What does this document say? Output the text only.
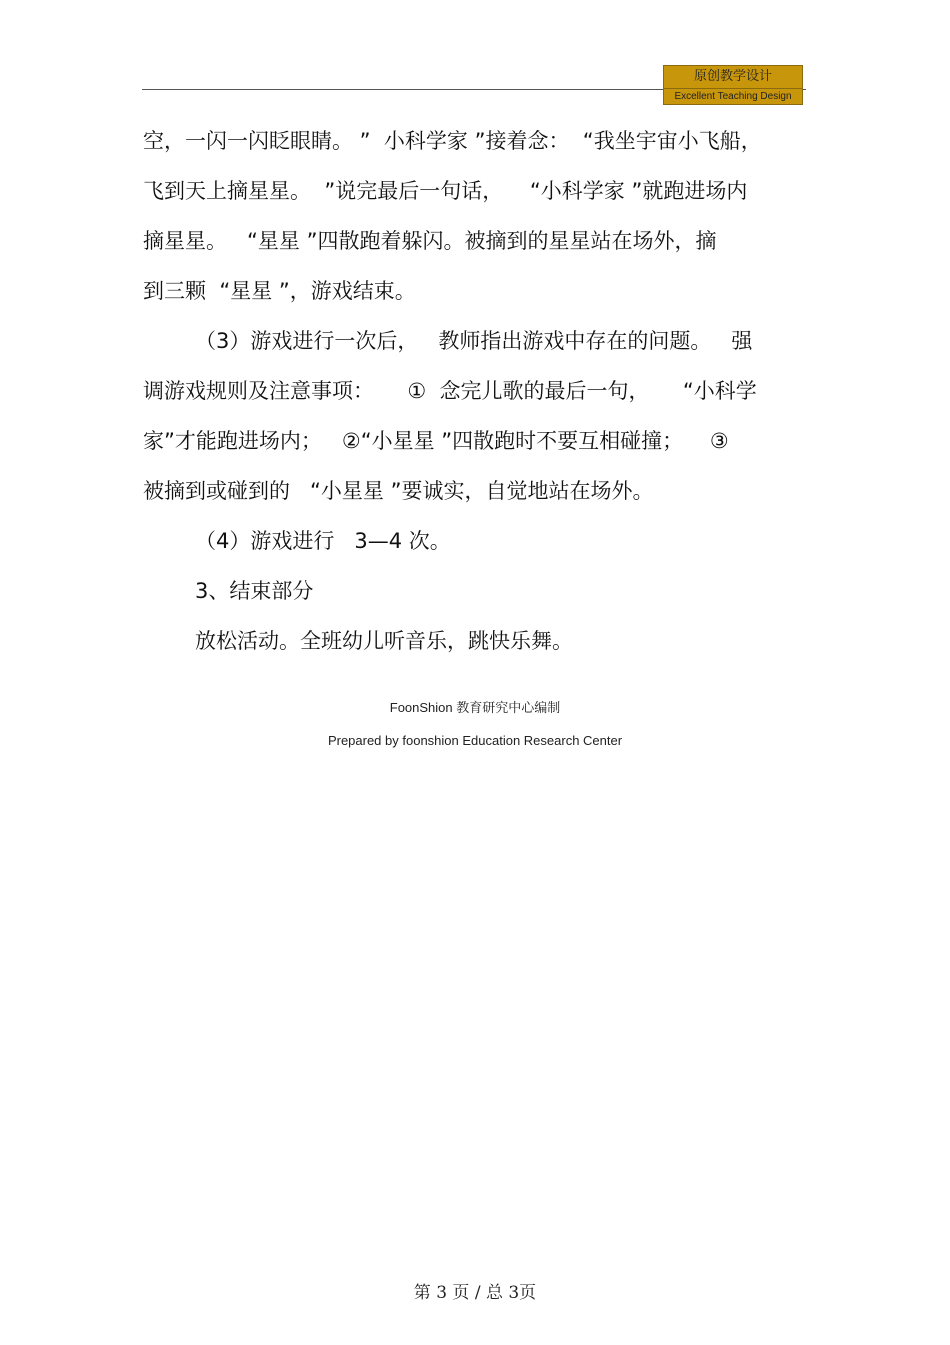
原创教学设计
Excellent Teaching Design
空，一闪一闪眨眼睛。 ”  小科学家 ”接着念：  “我坐宇宙小飞船，
飞到天上摘星星。  ”说完最后一句话，    “小科学家 ”就跑进场内
摘星星。   “星星 ”四散跑着躲闪。被摘到的星星站在场外，摘
到三颗  “星星 ”，游戏结束。
（3）游戏进行一次后，   教师指出游戏中存在的问题。   强
调游戏规则及注意事项：     ①  念完儿歌的最后一句，     “小科学
家”才能跑进场内；   ②“小星星 ”四散跑时不要互相碰撞；    ③
被摘到或碰到的   “小星星 ”要诚实，自觉地站在场外。
（4）游戏进行   3—4 次。
3、结束部分
放松活动。全班幼儿听音乐，跳快乐舞。
FoonShion 教育研究中心编制
Prepared by foonshion Education Research Center
第 3 页 / 总 3页
